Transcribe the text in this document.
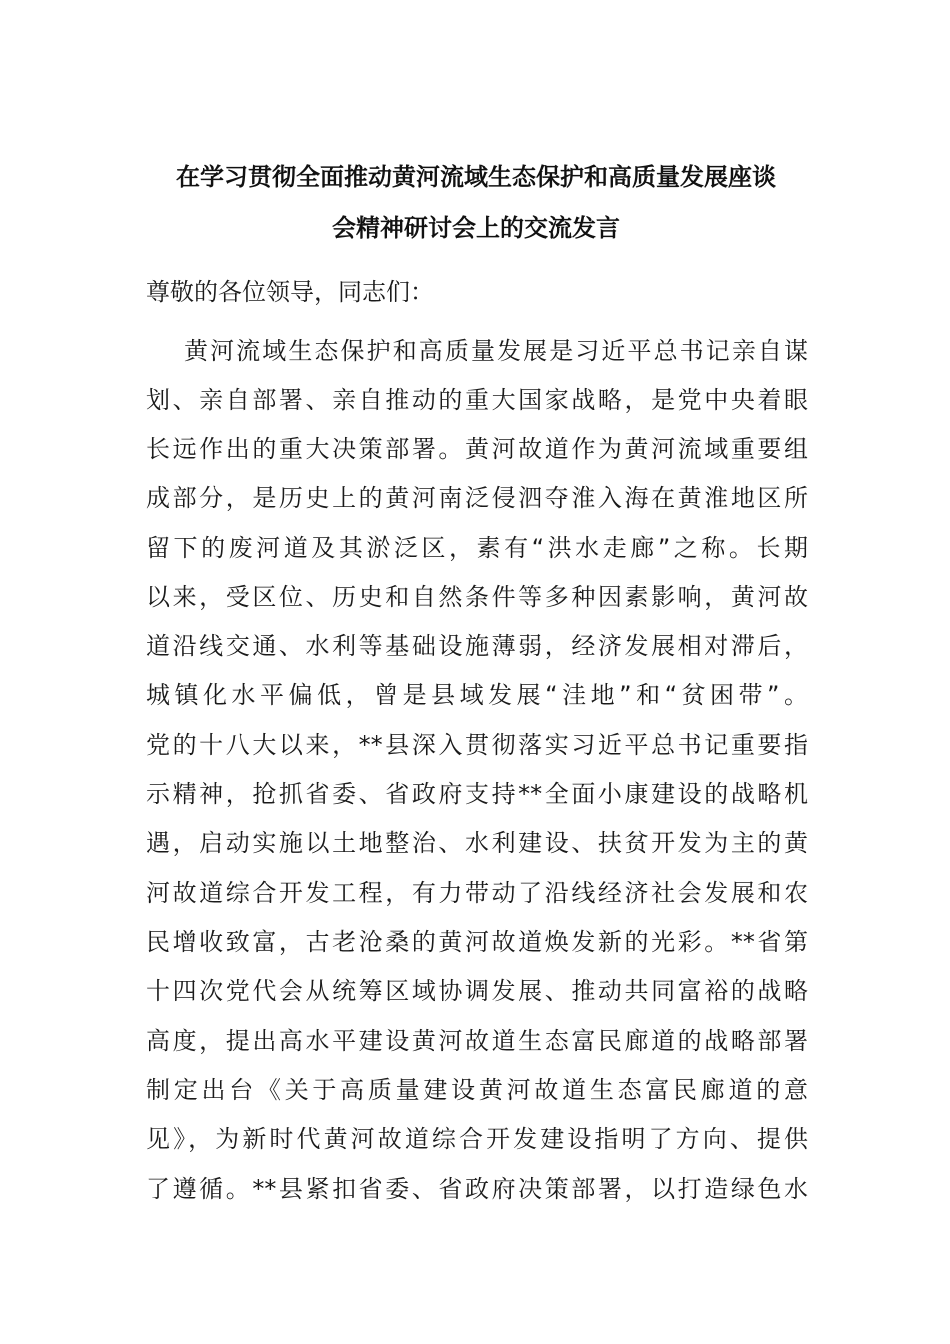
在学习贯彻全面推动黄河流域生态保护和高质量发展座谈
会精神研讨会上的交流发言
尊敬的各位领导，同志们：
黄河流域生态保护和高质量发展是习近平总书记亲自谋
划、亲自部署、亲自推动的重大国家战略，是党中央着眼
长远作出的重大决策部署。黄河故道作为黄河流域重要组
成部分，是历史上的黄河南泛侵泗夺淮入海在黄淮地区所
留下的废河道及其淤泛区，素有“洪水走廊”之称。长期
以来，受区位、历史和自然条件等多种因素影响，黄河故
道沿线交通、水利等基础设施薄弱，经济发展相对滞后，
城镇化水平偏低，曾是县域发展“洼地”和“贫困带”。
党的十八大以来，**县深入贯彻落实习近平总书记重要指
示精神，抢抓省委、省政府支持**全面小康建设的战略机
遇，启动实施以土地整治、水利建设、扶贫开发为主的黄
河故道综合开发工程，有力带动了沿线经济社会发展和农
民增收致富，古老沧桑的黄河故道焕发新的光彩。**省第
十四次党代会从统筹区域协调发展、推动共同富裕的战略
高度，提出高水平建设黄河故道生态富民廊道的战略部署
制定出台《关于高质量建设黄河故道生态富民廊道的意
见》，为新时代黄河故道综合开发建设指明了方向、提供
了遵循。**县紧扣省委、省政府决策部署，以打造绿色水
